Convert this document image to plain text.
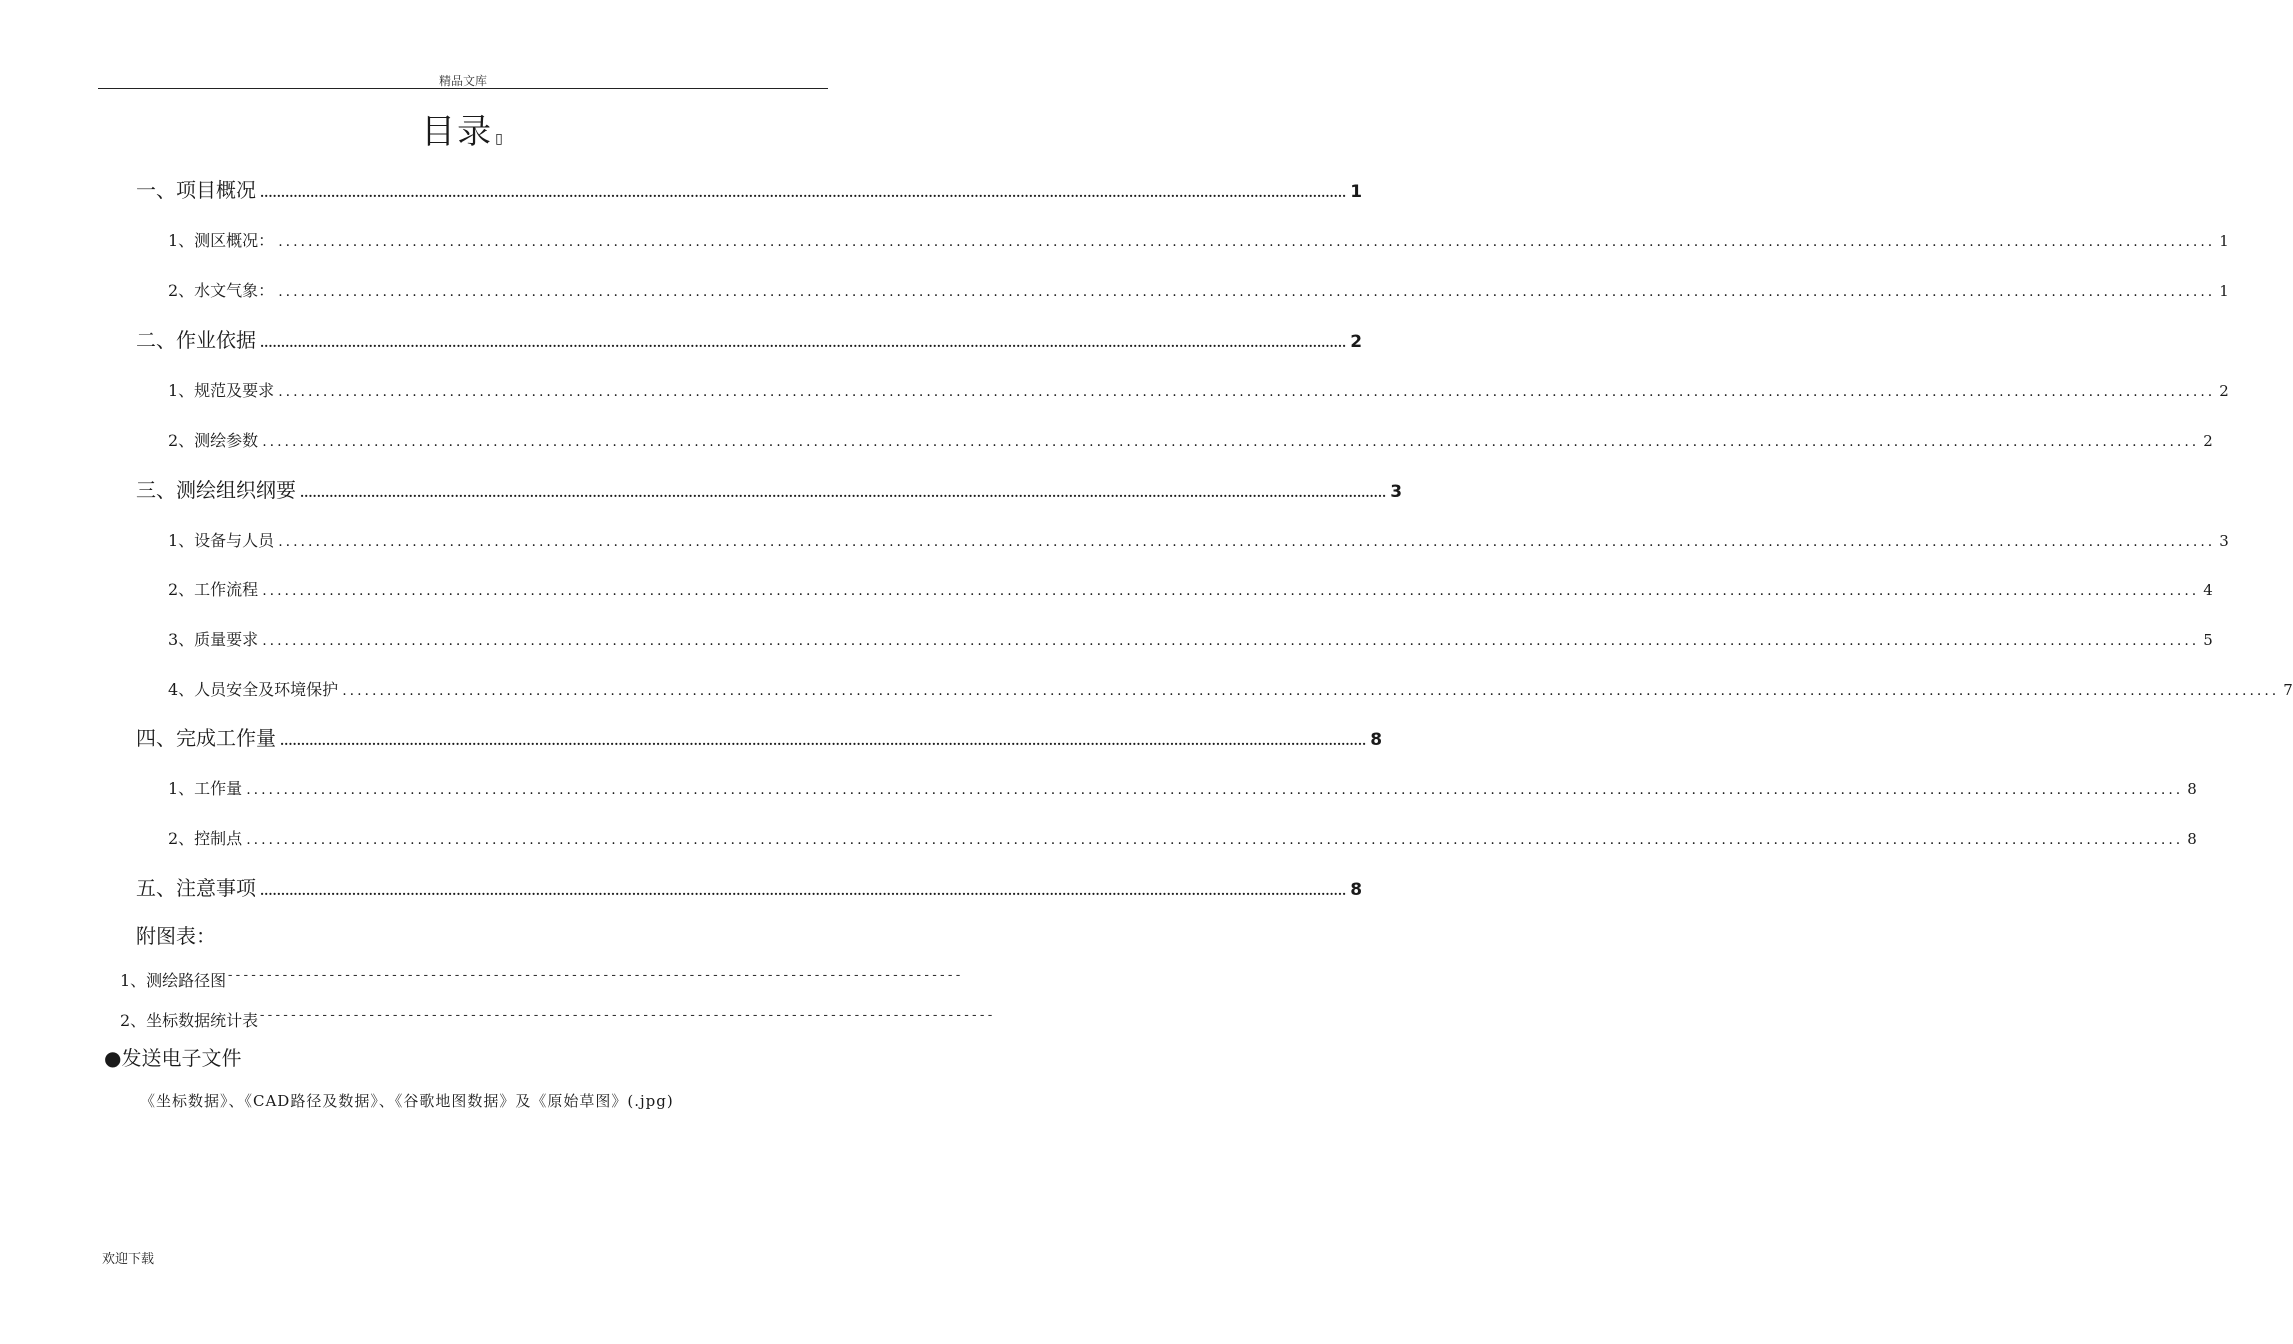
精品文库
目录 ▯
一、项目概况 .................................................................................................................................................................................................................................................................... 1
1、测区概况： .................................................................................................................................................................................................................................................................... 1
2、水文气象： .................................................................................................................................................................................................................................................................... 1
二、作业依据 .................................................................................................................................................................................................................................................................... 2
1、规范及要求 .................................................................................................................................................................................................................................................................... 2
2、测绘参数 .................................................................................................................................................................................................................................................................... 2
三、测绘组织纲要 .................................................................................................................................................................................................................................................................... 3
1、设备与人员 .................................................................................................................................................................................................................................................................... 3
2、工作流程 .................................................................................................................................................................................................................................................................... 4
3、质量要求 .................................................................................................................................................................................................................................................................... 5
4、人员安全及环境保护 .................................................................................................................................................................................................................................................................... 7
四、完成工作量 .................................................................................................................................................................................................................................................................... 8
1、工作量 .................................................................................................................................................................................................................................................................... 8
2、控制点 .................................................................................................................................................................................................................................................................... 8
五、注意事项 .................................................................................................................................................................................................................................................................... 8
附图表：
1、测绘路径图 ----------------------------------------------------------------------------------------------
2、坐标数据统计表 ----------------------------------------------------------------------------------------------
●发送电子文件
《坐标数据》、《CAD路径及数据》、《谷歌地图数据》及《原始草图》(.jpg)
欢迎下载
